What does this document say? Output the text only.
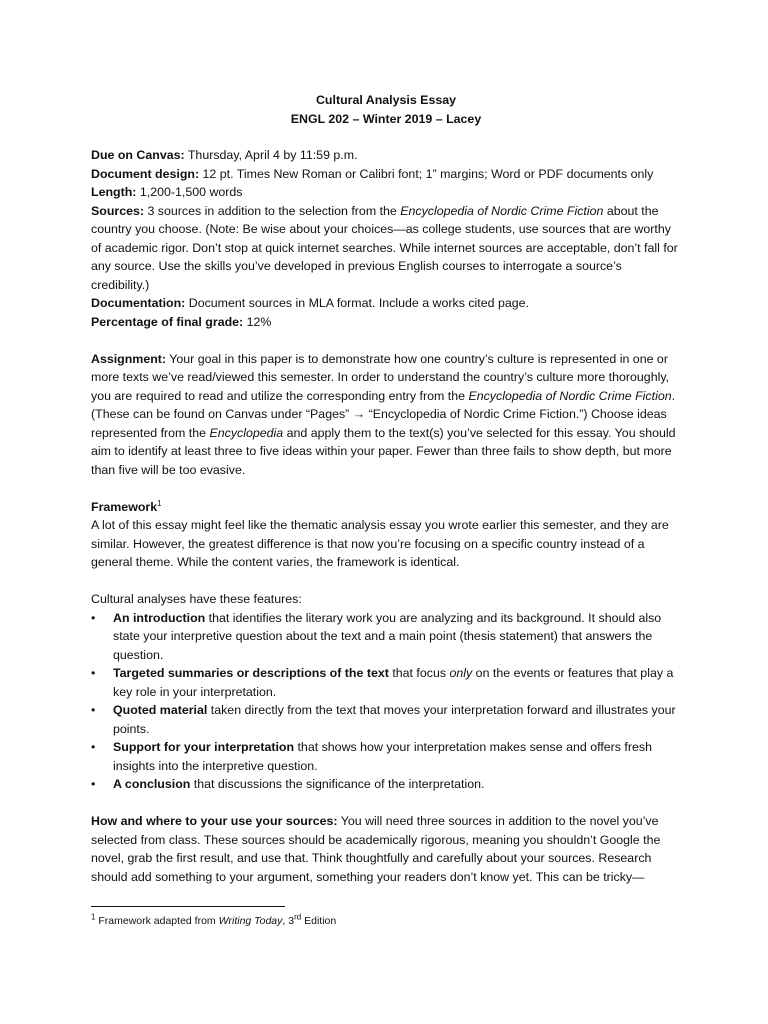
Cultural Analysis Essay

ENGL 202 – Winter 2019 – Lacey

Due on Canvas: Thursday, April 4 by 11:59 p.m.

Document design: 12 pt. Times New Roman or Calibri font; 1” margins; Word or PDF documents only

Length: 1,200-1,500 words

Sources: 3 sources in addition to the selection from the Encyclopedia of Nordic Crime Fiction about the country you choose. (Note: Be wise about your choices—as college students, use sources that are worthy of academic rigor. Don’t stop at quick internet searches. While internet sources are acceptable, don’t fall for any source. Use the skills you’ve developed in previous English courses to interrogate a source’s credibility.)

Documentation: Document sources in MLA format. Include a works cited page.

Percentage of final grade: 12%

Assignment: Your goal in this paper is to demonstrate how one country’s culture is represented in one or more texts we’ve read/viewed this semester. In order to understand the country’s culture more thoroughly, you are required to read and utilize the corresponding entry from the Encyclopedia of Nordic Crime Fiction. (These can be found on Canvas under “Pages” → “Encyclopedia of Nordic Crime Fiction.”) Choose ideas represented from the Encyclopedia and apply them to the text(s) you’ve selected for this essay. You should aim to identify at least three to five ideas within your paper. Fewer than three fails to show depth, but more than five will be too evasive.

Framework$^1$

A lot of this essay might feel like the thematic analysis essay you wrote earlier this semester, and they are similar. However, the greatest difference is that now you’re focusing on a specific country instead of a general theme. While the content varies, the framework is identical.

Cultural analyses have these features:

• An introduction that identifies the literary work you are analyzing and its background. It should also state your interpretive question about the text and a main point (thesis statement) that answers the question.
• Targeted summaries or descriptions of the text that focus only on the events or features that play a key role in your interpretation.
• Quoted material taken directly from the text that moves your interpretation forward and illustrates your points.
• Support for your interpretation that shows how your interpretation makes sense and offers fresh insights into the interpretive question.
• A conclusion that discussions the significance of the interpretation.

How and where to your use your sources: You will need three sources in addition to the novel you’ve selected from class. These sources should be academically rigorous, meaning you shouldn’t Google the novel, grab the first result, and use that. Think thoughtfully and carefully about your sources. Research should add something to your argument, something your readers don’t know yet. This can be tricky—

$^1$ Framework adapted from Writing Today, 3rd Edition
